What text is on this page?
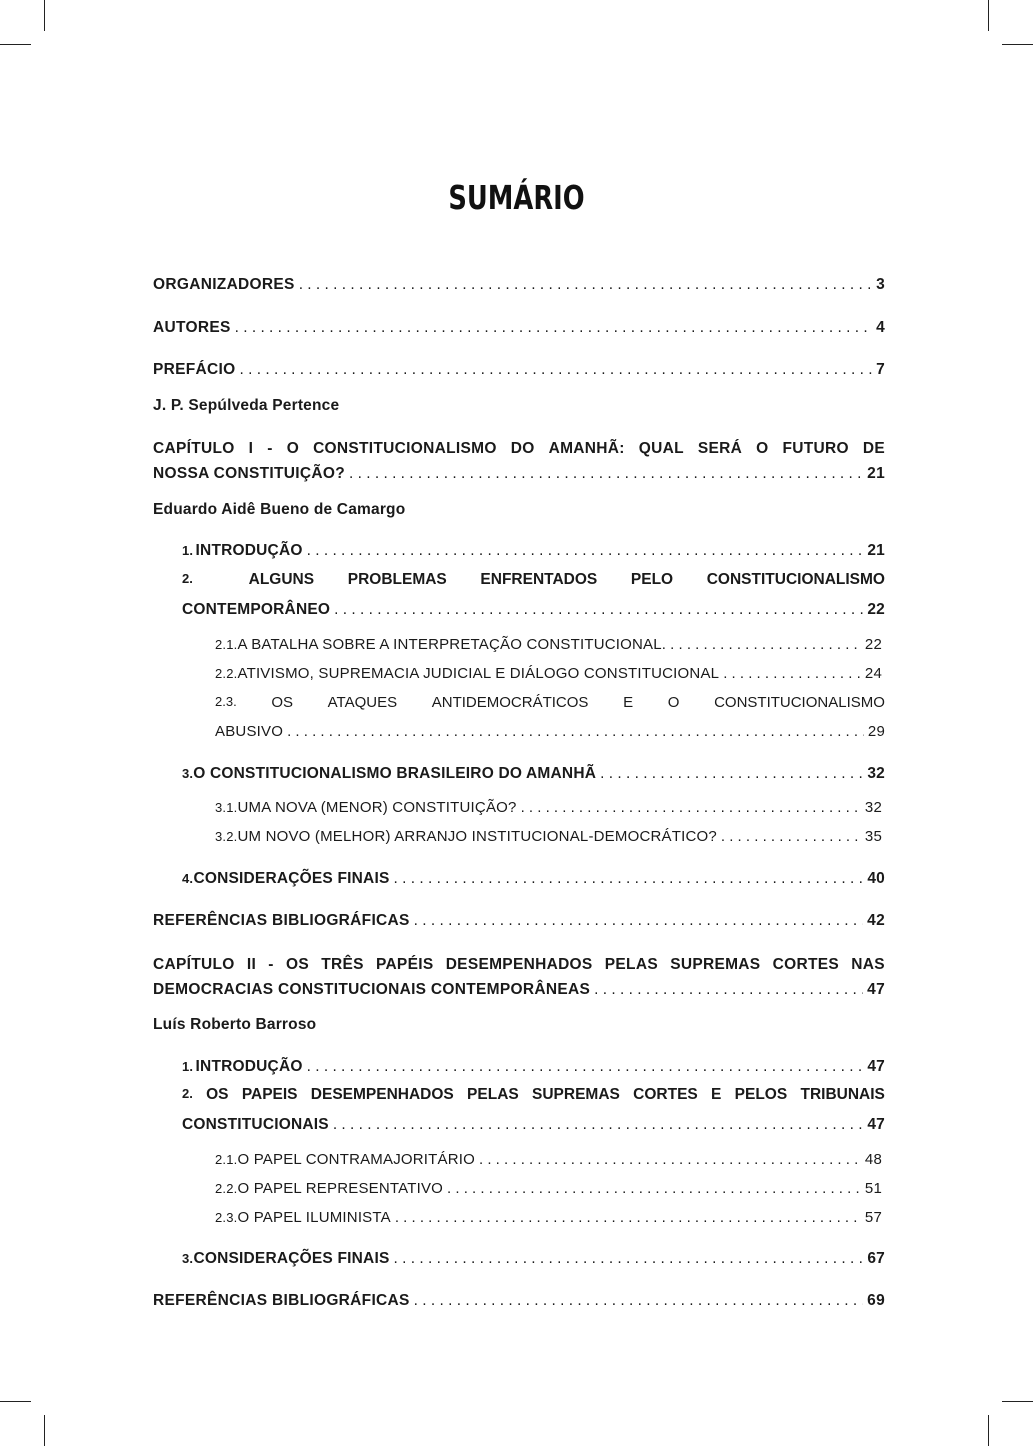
SUMÁRIO
ORGANIZADORES . . .	3
AUTORES . . .	4
PREFÁCIO . . .	7
J. P. Sepúlveda Pertence
CAPÍTULO I - O CONSTITUCIONALISMO DO AMANHÃ: QUAL SERÁ O FUTURO DE
NOSSA CONSTITUIÇÃO? . . .	21
Eduardo Aidê Bueno de Camargo
1. INTRODUÇÃO . . .	21
2.	ALGUNS PROBLEMAS ENFRENTADOS PELO CONSTITUCIONALISMO
CONTEMPORÂNEO . . .	22
2.1. A BATALHA SOBRE A INTERPRETAÇÃO CONSTITUCIONAL. . . .	22
2.2. ATIVISMO, SUPREMACIA JUDICIAL E DIÁLOGO CONSTITUCIONAL . . .	24
2.3. OS ATAQUES ANTIDEMOCRÁTICOS E O CONSTITUCIONALISMO
ABUSIVO . . .	29
3. O CONSTITUCIONALISMO BRASILEIRO DO AMANHÃ . . .	32
3.1. UMA NOVA (MENOR) CONSTITUIÇÃO? . . .	32
3.2. UM NOVO (MELHOR) ARRANJO INSTITUCIONAL-DEMOCRÁTICO? . . .	35
4. CONSIDERAÇÕES FINAIS . . .	40
REFERÊNCIAS BIBLIOGRÁFICAS . . .	42
CAPÍTULO II - OS TRÊS PAPÉIS DESEMPENHADOS PELAS SUPREMAS CORTES NAS
DEMOCRACIAS CONSTITUCIONAIS CONTEMPORÂNEAS . . .	47
Luís Roberto Barroso
1. INTRODUÇÃO . . .	47
2. OS PAPEIS DESEMPENHADOS PELAS SUPREMAS CORTES E PELOS TRIBUNAIS
CONSTITUCIONAIS . . .	47
2.1. O PAPEL CONTRAMAJORITÁRIO . . .	48
2.2. O PAPEL REPRESENTATIVO . . .	51
2.3. O PAPEL ILUMINISTA . . .	57
3. CONSIDERAÇÕES FINAIS . . .	67
REFERÊNCIAS BIBLIOGRÁFICAS . . .	69
